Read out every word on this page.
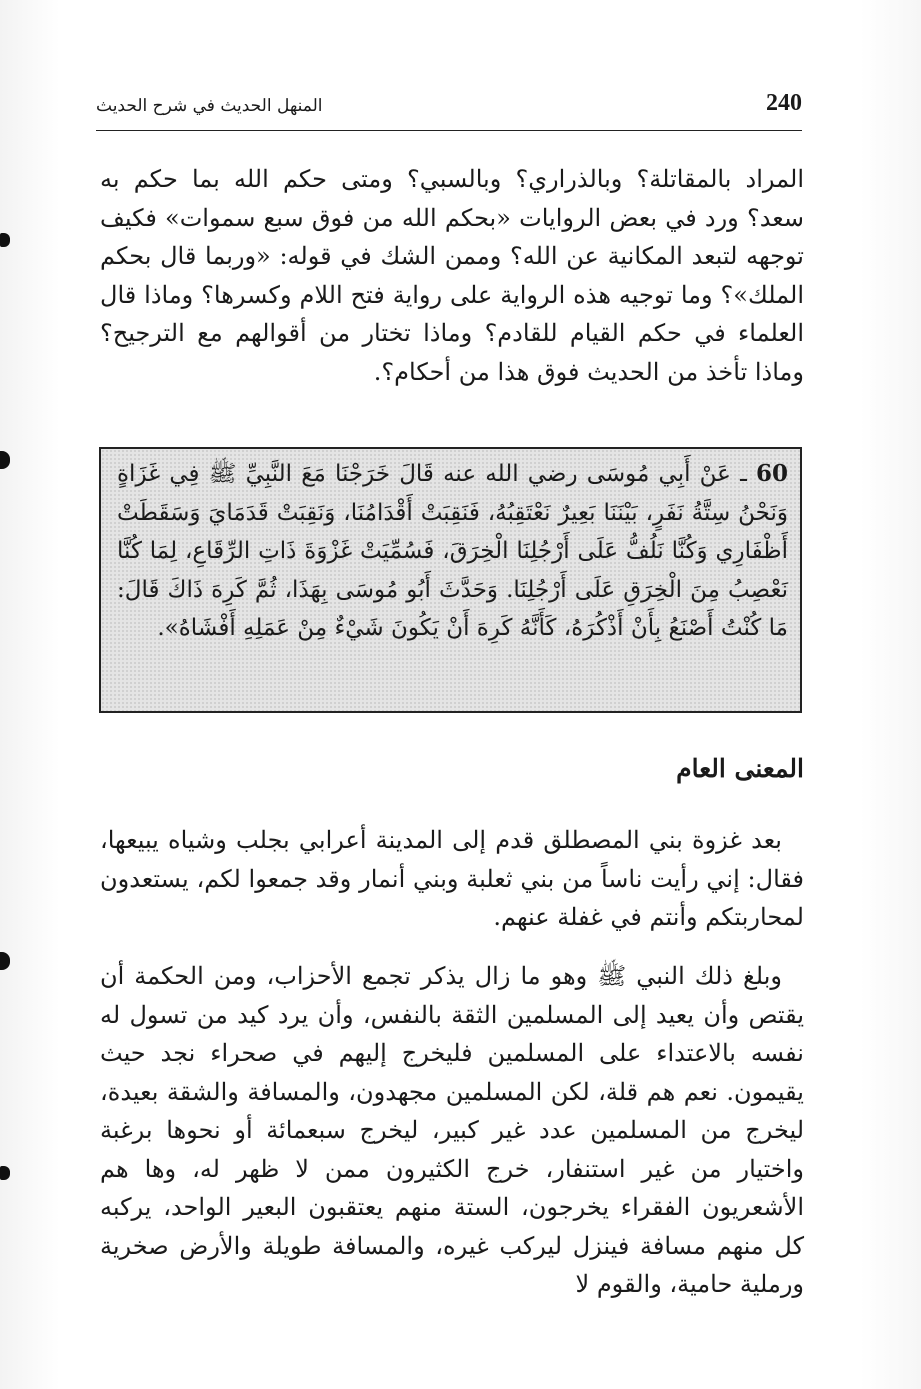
240
المنهل الحديث في شرح الحديث

المراد بالمقاتلة؟ وبالذراري؟ وبالسبي؟ ومتى حكم الله بما حكم به سعد؟ ورد في بعض الروايات «بحكم الله من فوق سبع سموات» فكيف توجهه لتبعد المكانية عن الله؟ وممن الشك في قوله: «وربما قال بحكم الملك»؟ وما توجيه هذه الرواية على رواية فتح اللام وكسرها؟ وماذا قال العلماء في حكم القيام للقادم؟ وماذا تختار من أقوالهم مع الترجيح؟ وماذا تأخذ من الحديث فوق هذا من أحكام؟.

60 ـ عَنْ أَبِي مُوسَى رضي الله عنه قَالَ خَرَجْنَا مَعَ النَّبِيِّ ﷺ فِي غَزَاةٍ وَنَحْنُ سِتَّةُ نَفَرٍ، بَيْنَنَا بَعِيرٌ نَعْتَقِبُهُ، فَنَقِبَتْ أَقْدَامُنَا، وَنَقِبَتْ قَدَمَايَ وَسَقَطَتْ أَظْفَارِي وَكُنَّا نَلُفُّ عَلَى أَرْجُلِنَا الْخِرَقَ، فَسُمِّيَتْ غَزْوَةَ ذَاتِ الرِّقَاعِ، لِمَا كُنَّا نَعْصِبُ مِنَ الْخِرَقِ عَلَى أَرْجُلِنَا. وَحَدَّثَ أَبُو مُوسَى بِهَذَا، ثُمَّ كَرِهَ ذَاكَ قَالَ: مَا كُنْتُ أَصْنَعُ بِأَنْ أَذْكُرَهُ، كَأَنَّهُ كَرِهَ أَنْ يَكُونَ شَيْءٌ مِنْ عَمَلِهِ أَفْشَاهُ».

المعنى العام

بعد غزوة بني المصطلق قدم إلى المدينة أعرابي بجلب وشياه يبيعها، فقال: إني رأيت ناساً من بني ثعلبة وبني أنمار وقد جمعوا لكم، يستعدون لمحاربتكم وأنتم في غفلة عنهم.

وبلغ ذلك النبي ﷺ وهو ما زال يذكر تجمع الأحزاب، ومن الحكمة أن يقتص وأن يعيد إلى المسلمين الثقة بالنفس، وأن يرد كيد من تسول له نفسه بالاعتداء على المسلمين فليخرج إليهم في صحراء نجد حيث يقيمون. نعم هم قلة، لكن المسلمين مجهدون، والمسافة والشقة بعيدة، ليخرج من المسلمين عدد غير كبير، ليخرج سبعمائة أو نحوها برغبة واختيار من غير استنفار، خرج الكثيرون ممن لا ظهر له، وها هم الأشعريون الفقراء يخرجون، الستة منهم يعتقبون البعير الواحد، يركبه كل منهم مسافة فينزل ليركب غيره، والمسافة طويلة والأرض صخرية ورملية حامية، والقوم لا
